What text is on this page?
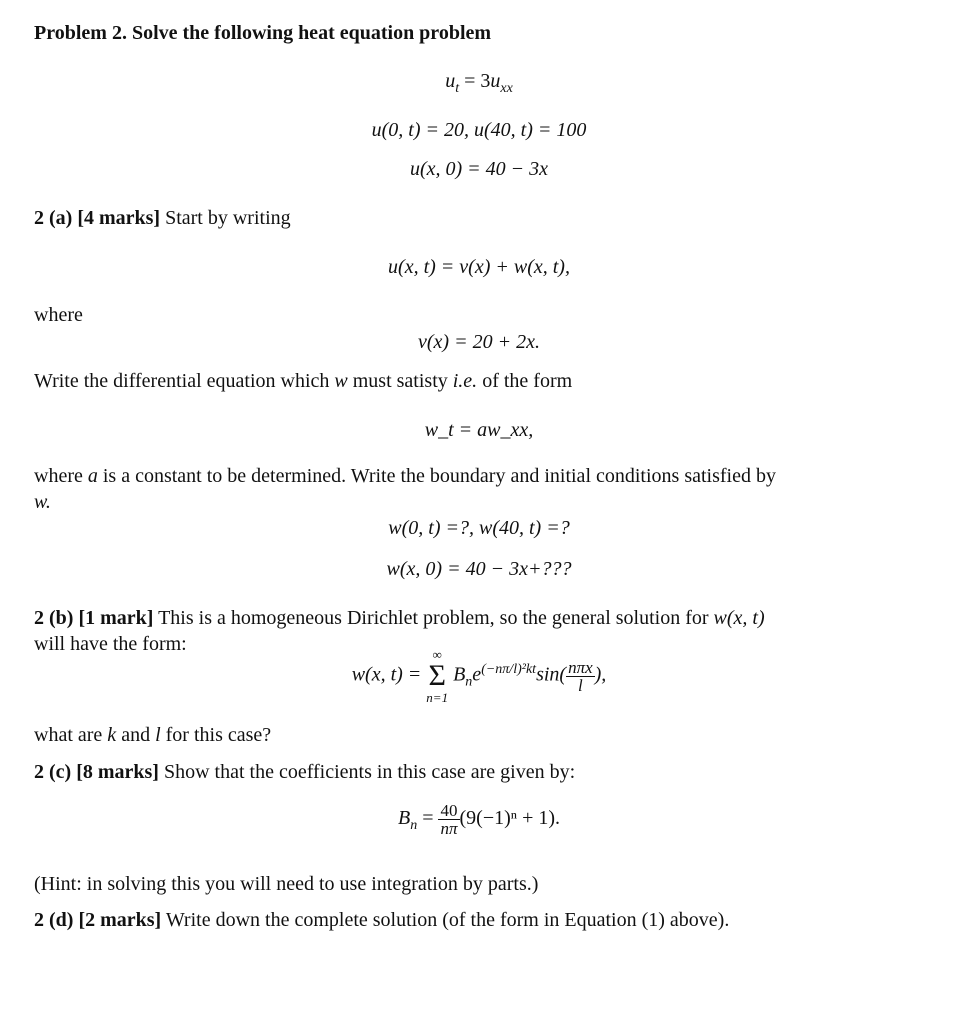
Problem 2. Solve the following heat equation problem
$u_t = 3u_{xx}$
u(0, t) = 20, u(40, t) = 100
u(x, 0) = 40 − 3x
2 (a) [4 marks] Start by writing
u(x, t) = v(x) + w(x, t),
where
v(x) = 20 + 2x.
Write the differential equation which w must satisty i.e. of the form
w_t = aw_xx,
where a is a constant to be determined. Write the boundary and initial conditions satisfied by
w.
w(0, t) =?, w(40, t) =?
w(x, 0) = 40 − 3x+???
2 (b) [1 mark] This is a homogeneous Dirichlet problem, so the general solution for w(x, t)
will have the form:
w(x, t) =
∞
Σ
n=1
$B_ne^{(-n\pi/l)^2kt}\sin( \frac{\text{nπx}}{l}$ ),
what are k and l for this case?
2 (c) [8 marks] Show that the coefficients in this case are given by:
$B_n = \frac{40}{n\pi} (9(-1)^n + 1)$.
(Hint: in solving this you will need to use integration by parts.)
2 (d) [2 marks] Write down the complete solution (of the form in Equation (1) above).
